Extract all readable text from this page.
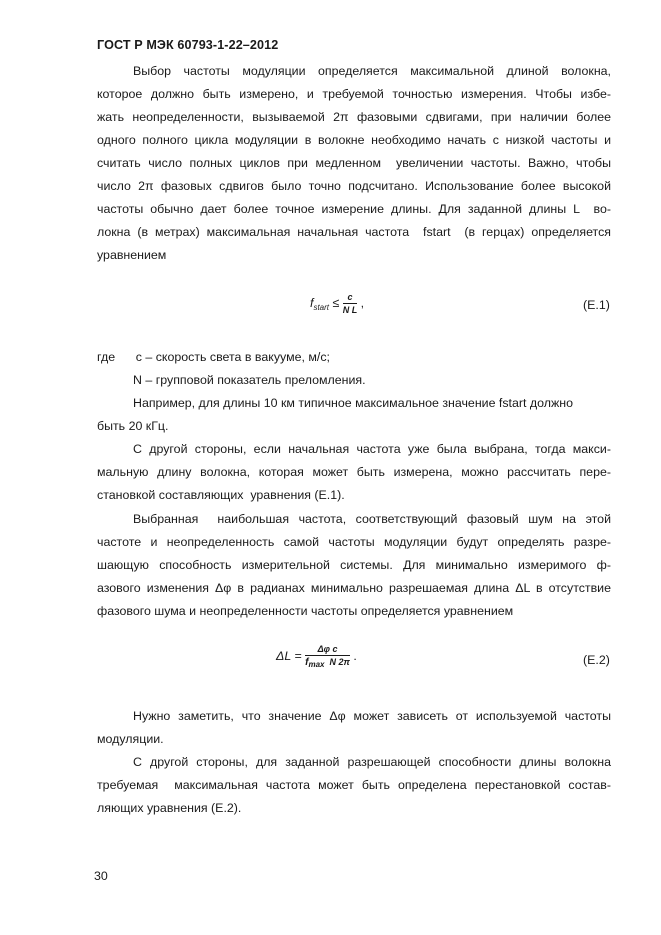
ГОСТ Р МЭК 60793-1-22–2012
Выбор частоты модуляции определяется максимальной длиной волокна,
которое должно быть измерено, и требуемой точностью измерения. Чтобы избе-
жать неопределенности, вызываемой 2π фазовыми сдвигами, при наличии более
одного полного цикла модуляции в волокне необходимо начать с низкой частоты и
считать число полных циклов при медленном  увеличении частоты. Важно, чтобы
число 2π фазовых сдвигов было точно подсчитано. Использование более высокой
частоты обычно дает более точное измерение длины. Для заданной длины L  во-
локна (в метрах) максимальная начальная частота  fstart  (в герцах) определяется
уравнением
$f_{start} \le \frac{c}{\text{N L}}$ ,	(Е.1)
где      c – скорость света в вакууме, м/с;
N – групповой показатель преломления.
Например, для длины 10 км типичное максимальное значение fstart должно
быть 20 кГц.
С другой стороны, если начальная частота уже была выбрана, тогда макси-
мальную длину волокна, которая может быть измерена, можно рассчитать пере-
становкой составляющих  уравнения (Е.1).
Выбранная  наибольшая частота, соответствующий фазовый шум на этой
частоте и неопределенность самой частоты модуляции будут определять разре-
шающую способность измерительной системы. Для минимально измеримого ф-
азового изменения Δφ в радианах минимально разрешаемая длина ΔL в отсутствие
фазового шума и неопределенности частоты определяется уравнением
$\Delta L = \frac{\text{Δφ c}}{\text{fmax N 2π}}$ .	(Е.2)
Нужно заметить, что значение Δφ может зависеть от используемой частоты
модуляции.
С другой стороны, для заданной разрешающей способности длины волокна
требуемая  максимальная частота может быть определена перестановкой состав-
ляющих уравнения (Е.2).
30
